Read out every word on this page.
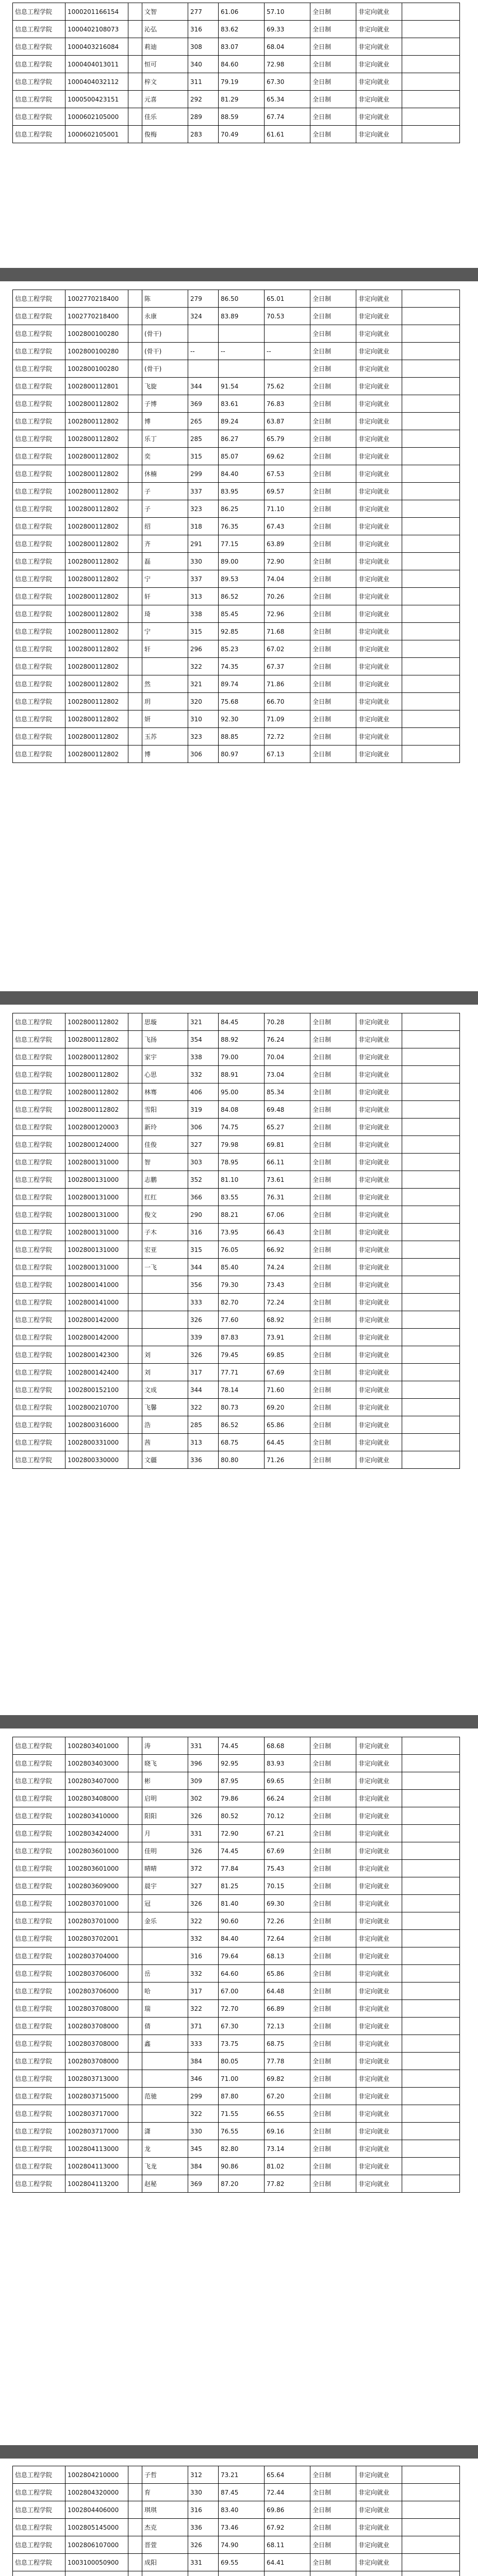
信息工程学院	1000201166154		文智	277	61.06	57.10	全日制	非定向就业	
信息工程学院	1000402108073		沁弘	316	83.62	69.33	全日制	非定向就业	
信息工程学院	1000403216084		莉迪	308	83.07	68.04	全日制	非定向就业	
信息工程学院	1000404013011		恒可	340	84.60	72.98	全日制	非定向就业	
信息工程学院	1000404032112		梓文	311	79.19	67.30	全日制	非定向就业	
信息工程学院	1000500423151		元喜	292	81.29	65.34	全日制	非定向就业	
信息工程学院	1000602105000		佳乐	289	88.59	67.74	全日制	非定向就业	
信息工程学院	1000602105001		俊梅	283	70.49	61.61	全日制	非定向就业	
信息工程学院	1002770218400		陈	279	86.50	65.01	全日制	非定向就业	
信息工程学院	1002770218400		永康	324	83.89	70.53	全日制	非定向就业	
信息工程学院	1002800100280		(骨干)				全日制	非定向就业	
信息工程学院	1002800100280		(骨干)	--	--	--	全日制	非定向就业	
信息工程学院	1002800100280		(骨干)				全日制	非定向就业	
信息工程学院	1002800112801		飞旋	344	91.54	75.62	全日制	非定向就业	
信息工程学院	1002800112802		子博	369	83.61	76.83	全日制	非定向就业	
信息工程学院	1002800112802		博	265	89.24	63.87	全日制	非定向就业	
信息工程学院	1002800112802		乐丁	285	86.27	65.79	全日制	非定向就业	
信息工程学院	1002800112802		奕	315	85.07	69.62	全日制	非定向就业	
信息工程学院	1002800112802		休楠	299	84.40	67.53	全日制	非定向就业	
信息工程学院	1002800112802		子	337	83.95	69.57	全日制	非定向就业	
信息工程学院	1002800112802		子	323	86.25	71.10	全日制	非定向就业	
信息工程学院	1002800112802		绍	318	76.35	67.43	全日制	非定向就业	
信息工程学院	1002800112802		齐	291	77.15	63.89	全日制	非定向就业	
信息工程学院	1002800112802		磊	330	89.00	72.90	全日制	非定向就业	
信息工程学院	1002800112802		宁	337	89.53	74.04	全日制	非定向就业	
信息工程学院	1002800112802		轩	313	86.52	70.26	全日制	非定向就业	
信息工程学院	1002800112802		琦	338	85.45	72.96	全日制	非定向就业	
信息工程学院	1002800112802		宁	315	92.85	71.68	全日制	非定向就业	
信息工程学院	1002800112802		轩	296	85.23	67.02	全日制	非定向就业	
信息工程学院	1002800112802			322	74.35	67.37	全日制	非定向就业	
信息工程学院	1002800112802		然	321	89.74	71.86	全日制	非定向就业	
信息工程学院	1002800112802		玥	320	75.68	66.70	全日制	非定向就业	
信息工程学院	1002800112802		妍	310	92.30	71.09	全日制	非定向就业	
信息工程学院	1002800112802		玉苏	323	88.85	72.72	全日制	非定向就业	
信息工程学院	1002800112802		博	306	80.97	67.13	全日制	非定向就业	
信息工程学院	1002800112802		思璇	321	84.45	70.28	全日制	非定向就业	
信息工程学院	1002800112802		飞扬	354	88.92	76.24	全日制	非定向就业	
信息工程学院	1002800112802		家宇	338	79.00	70.04	全日制	非定向就业	
信息工程学院	1002800112802		心思	332	88.91	73.04	全日制	非定向就业	
信息工程学院	1002800112802		林骞	406	95.00	85.34	全日制	非定向就业	
信息工程学院	1002800112802		雪阳	319	84.08	69.48	全日制	非定向就业	
信息工程学院	1002800120003		新玲	306	74.75	65.27	全日制	非定向就业	
信息工程学院	1002800124000		佳俊	327	79.98	69.81	全日制	非定向就业	
信息工程学院	1002800131000		智	303	78.95	66.11	全日制	非定向就业	
信息工程学院	1002800131000		志鹏	352	81.10	73.61	全日制	非定向就业	
信息工程学院	1002800131000		红红	366	83.55	76.31	全日制	非定向就业	
信息工程学院	1002800131000		俊文	290	88.21	67.06	全日制	非定向就业	
信息工程学院	1002800131000		子木	316	73.95	66.43	全日制	非定向就业	
信息工程学院	1002800131000		宏亚	315	76.05	66.92	全日制	非定向就业	
信息工程学院	1002800131000		一飞	344	85.40	74.24	全日制	非定向就业	
信息工程学院	1002800141000			356	79.30	73.43	全日制	非定向就业	
信息工程学院	1002800141000			333	82.70	72.24	全日制	非定向就业	
信息工程学院	1002800142000			326	77.60	68.92	全日制	非定向就业	
信息工程学院	1002800142000			339	87.83	73.91	全日制	非定向就业	
信息工程学院	1002800142300		刘	326	79.45	69.85	全日制	非定向就业	
信息工程学院	1002800142400		刘	317	77.71	67.69	全日制	非定向就业	
信息工程学院	1002800152100		文成	344	78.14	71.60	全日制	非定向就业	
信息工程学院	1002800210700		飞馨	322	80.73	69.20	全日制	非定向就业	
信息工程学院	1002800316000		浩	285	86.52	65.86	全日制	非定向就业	
信息工程学院	1002800331000		茜	313	68.75	64.45	全日制	非定向就业	
信息工程学院	1002800330000		文疆	336	80.80	71.26	全日制	非定向就业	
信息工程学院	1002803401000		涛	331	74.45	68.68	全日制	非定向就业	
信息工程学院	1002803403000		晓飞	396	92.95	83.93	全日制	非定向就业	
信息工程学院	1002803407000		彬	309	87.95	69.65	全日制	非定向就业	
信息工程学院	1002803408000		启明	302	79.86	66.24	全日制	非定向就业	
信息工程学院	1002803410000		阳阳	326	80.52	70.12	全日制	非定向就业	
信息工程学院	1002803424000		月	331	72.90	67.21	全日制	非定向就业	
信息工程学院	1002803601000		佳明	326	74.45	67.69	全日制	非定向就业	
信息工程学院	1002803601000		晴晴	372	77.84	75.43	全日制	非定向就业	
信息工程学院	1002803609000		晨宇	327	81.25	70.15	全日制	非定向就业	
信息工程学院	1002803701000		冠	326	81.40	69.30	全日制	非定向就业	
信息工程学院	1002803701000		金乐	322	90.60	72.26	全日制	非定向就业	
信息工程学院	1002803702001			332	84.40	72.64	全日制	非定向就业	
信息工程学院	1002803704000			316	79.64	68.13	全日制	非定向就业	
信息工程学院	1002803706000		岳	332	64.60	65.86	全日制	非定向就业	
信息工程学院	1002803706000		哈	317	67.00	64.48	全日制	非定向就业	
信息工程学院	1002803708000		瑞	322	72.70	66.89	全日制	非定向就业	
信息工程学院	1002803708000		倩	371	67.30	72.13	全日制	非定向就业	
信息工程学院	1002803708000		鑫	333	73.75	68.75	全日制	非定向就业	
信息工程学院	1002803708000			384	80.05	77.78	全日制	非定向就业	
信息工程学院	1002803713000			346	71.00	69.82	全日制	非定向就业	
信息工程学院	1002803715000		范驰	299	87.80	67.20	全日制	非定向就业	
信息工程学院	1002803717000			322	71.55	66.55	全日制	非定向就业	
信息工程学院	1002803717000		潇	330	76.55	69.16	全日制	非定向就业	
信息工程学院	1002804113000		龙	345	82.80	73.14	全日制	非定向就业	
信息工程学院	1002804113000		飞龙	384	90.86	81.02	全日制	非定向就业	
信息工程学院	1002804113200		赵秘	369	87.20	77.82	全日制	非定向就业	
信息工程学院	1002804210000		子哲	312	73.21	65.64	全日制	非定向就业	
信息工程学院	1002804320000		育	330	87.45	72.44	全日制	非定向就业	
信息工程学院	1002804406000		琪琪	316	83.40	69.86	全日制	非定向就业	
信息工程学院	1002805145000		杰克	336	73.46	67.92	全日制	非定向就业	
信息工程学院	1002806107000		晋萱	326	74.90	68.11	全日制	非定向就业	
信息工程学院	1003100050900		成阳	331	69.55	64.41	全日制	非定向就业	
